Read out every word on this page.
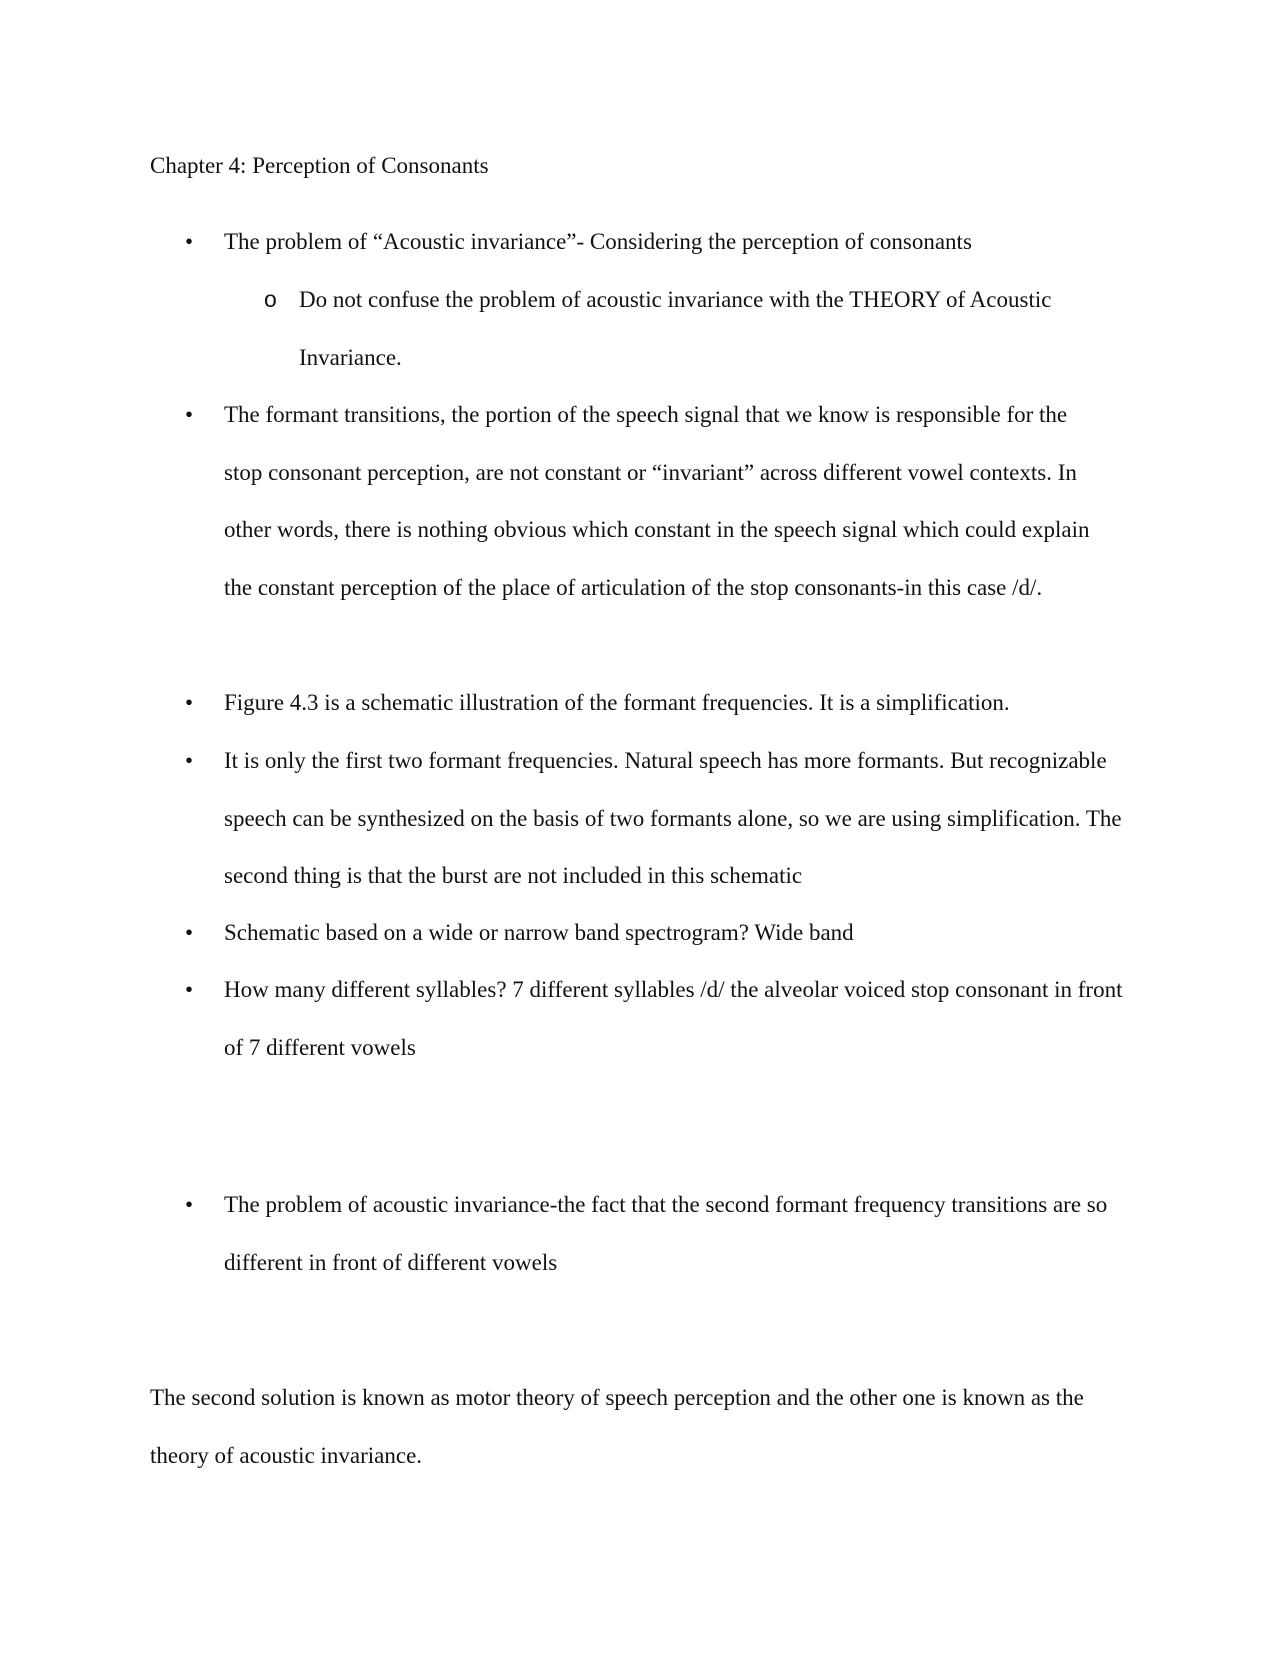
Chapter 4: Perception of Consonants
• The problem of “Acoustic invariance”- Considering the perception of consonants
o Do not confuse the problem of acoustic invariance with the THEORY of Acoustic Invariance.
• The formant transitions, the portion of the speech signal that we know is responsible for the stop consonant perception, are not constant or “invariant” across different vowel contexts. In other words, there is nothing obvious which constant in the speech signal which could explain the constant perception of the place of articulation of the stop consonants-in this case /d/.
• Figure 4.3 is a schematic illustration of the formant frequencies. It is a simplification.
• It is only the first two formant frequencies. Natural speech has more formants. But recognizable speech can be synthesized on the basis of two formants alone, so we are using simplification. The second thing is that the burst are not included in this schematic
• Schematic based on a wide or narrow band spectrogram? Wide band
• How many different syllables? 7 different syllables /d/ the alveolar voiced stop consonant in front of 7 different vowels
• The problem of acoustic invariance-the fact that the second formant frequency transitions are so different in front of different vowels
The second solution is known as motor theory of speech perception and the other one is known as the theory of acoustic invariance.
